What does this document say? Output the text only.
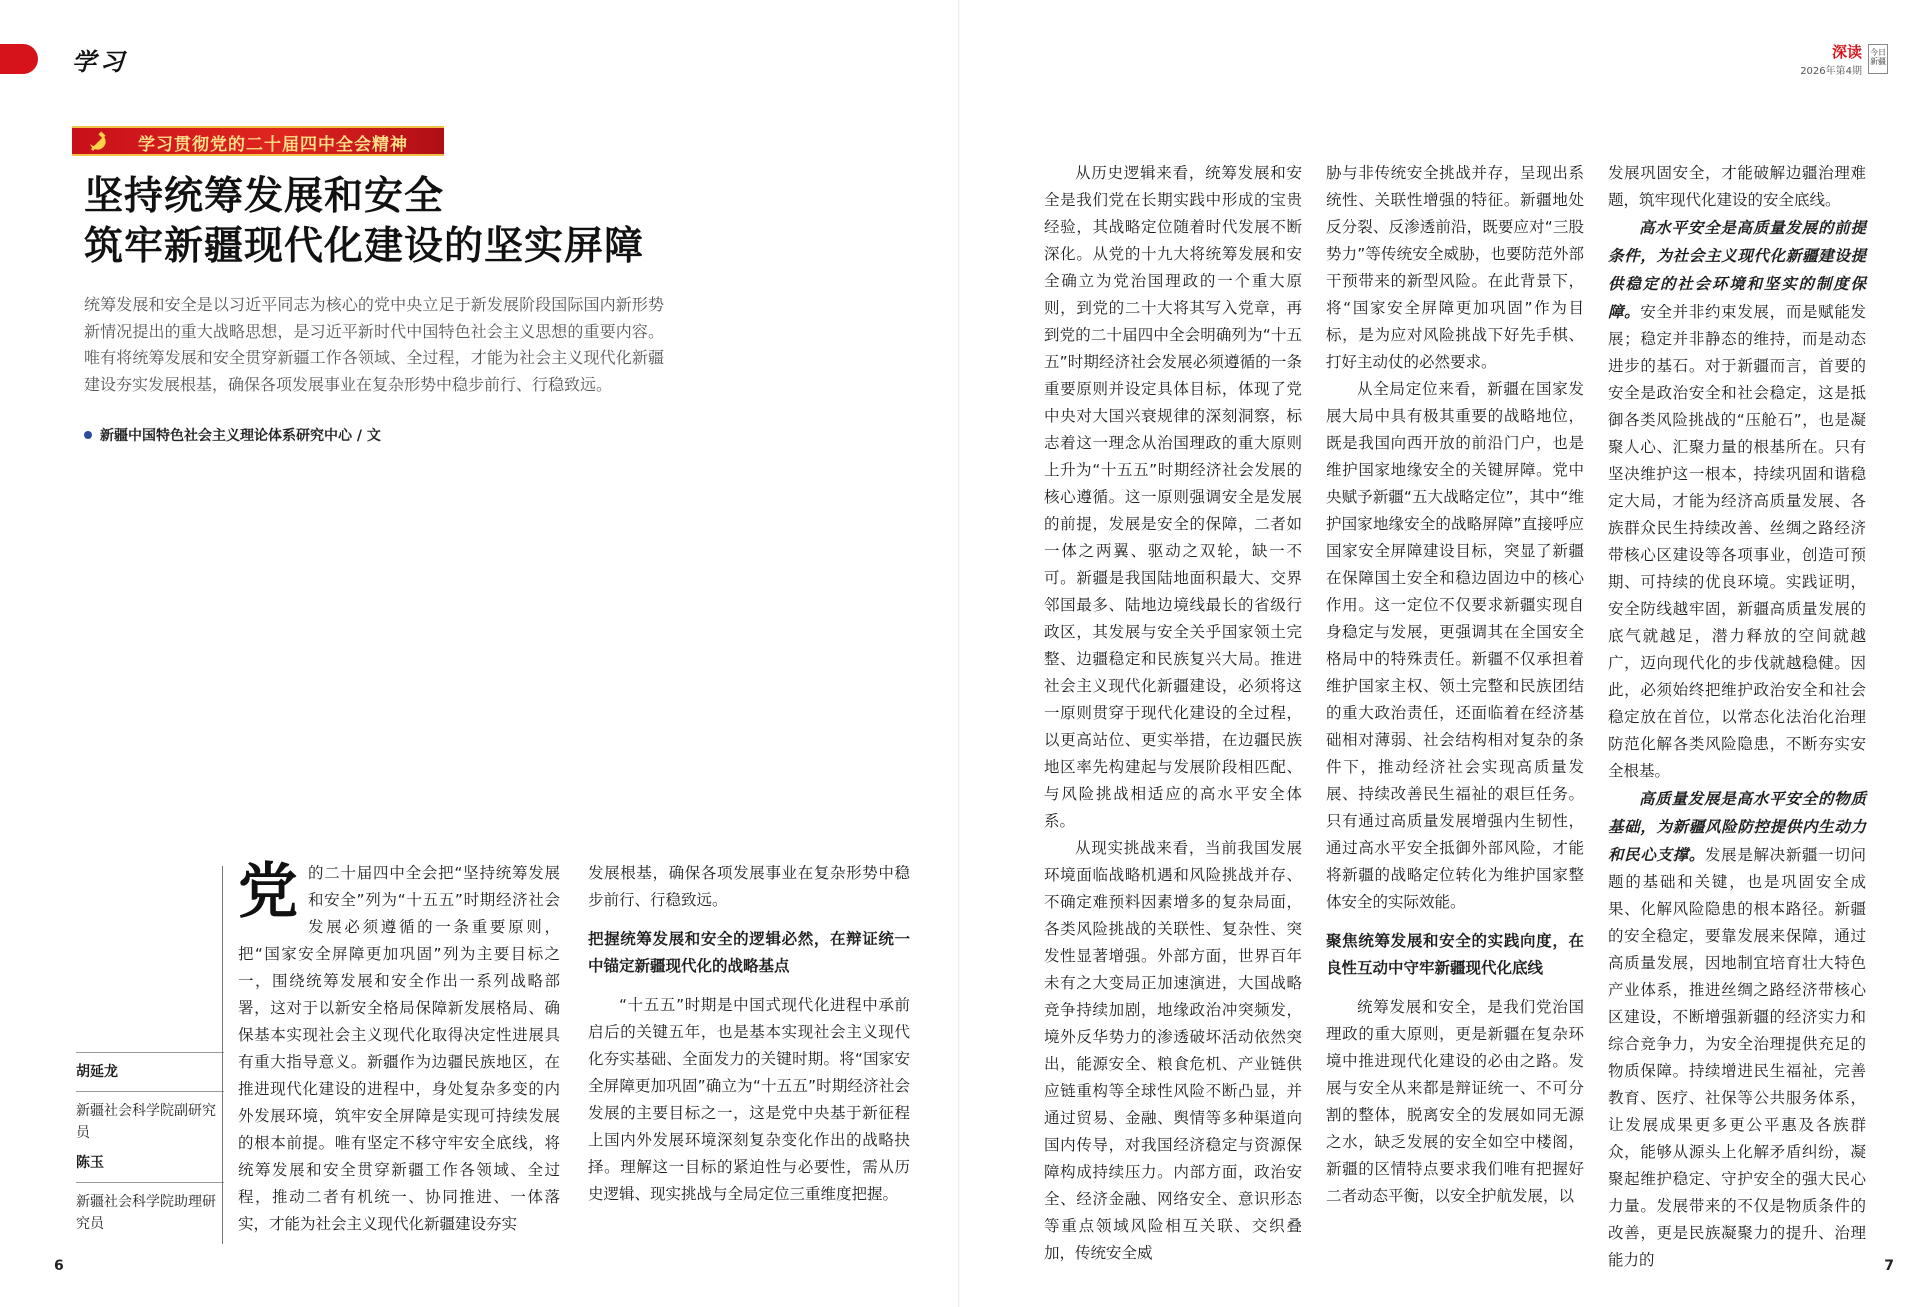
学习
学习贯彻党的二十届四中全会精神
坚持统筹发展和安全
筑牢新疆现代化建设的坚实屏障
统筹发展和安全是以习近平同志为核心的党中央立足于新发展阶段国际国内新形势新情况提出的重大战略思想，是习近平新时代中国特色社会主义思想的重要内容。唯有将统筹发展和安全贯穿新疆工作各领域、全过程，才能为社会主义现代化新疆建设夯实发展根基，确保各项发展事业在复杂形势中稳步前行、行稳致远。
新疆中国特色社会主义理论体系研究中心 / 文
胡延龙
新疆社会科学院副研究员
陈玉
新疆社会科学院助理研究员

党的二十届四中全会把“坚持统筹发展和安全”列为“十五五”时期经济社会发展必须遵循的一条重要原则，把“国家安全屏障更加巩固”列为主要目标之一，围绕统筹发展和安全作出一系列战略部署，这对于以新安全格局保障新发展格局、确保基本实现社会主义现代化取得决定性进展具有重大指导意义。新疆作为边疆民族地区，在推进现代化建设的进程中，身处复杂多变的内外发展环境，筑牢安全屏障是实现可持续发展的根本前提。唯有坚定不移守牢安全底线，将统筹发展和安全贯穿新疆工作各领域、全过程，推动二者有机统一、协同推进、一体落实，才能为社会主义现代化新疆建设夯实

发展根基，确保各项发展事业在复杂形势中稳步前行、行稳致远。

把握统筹发展和安全的逻辑必然，在辩证统一中锚定新疆现代化的战略基点

“十五五”时期是中国式现代化进程中承前启后的关键五年，也是基本实现社会主义现代化夯实基础、全面发力的关键时期。将“国家安全屏障更加巩固”确立为“十五五”时期经济社会发展的主要目标之一，这是党中央基于新征程上国内外发展环境深刻复杂变化作出的战略抉择。理解这一目标的紧迫性与必要性，需从历史逻辑、现实挑战与全局定位三重维度把握。

6
深读
2026年第4期
今日
新疆

从历史逻辑来看，统筹发展和安全是我们党在长期实践中形成的宝贵经验，其战略定位随着时代发展不断深化。从党的十九大将统筹发展和安全确立为党治国理政的一个重大原则，到党的二十大将其写入党章，再到党的二十届四中全会明确列为“十五五”时期经济社会发展必须遵循的一条重要原则并设定具体目标，体现了党中央对大国兴衰规律的深刻洞察，标志着这一理念从治国理政的重大原则上升为“十五五”时期经济社会发展的核心遵循。这一原则强调安全是发展的前提，发展是安全的保障，二者如一体之两翼、驱动之双轮，缺一不可。新疆是我国陆地面积最大、交界邻国最多、陆地边境线最长的省级行政区，其发展与安全关乎国家领土完整、边疆稳定和民族复兴大局。推进社会主义现代化新疆建设，必须将这一原则贯穿于现代化建设的全过程，以更高站位、更实举措，在边疆民族地区率先构建起与发展阶段相匹配、与风险挑战相适应的高水平安全体系。

从现实挑战来看，当前我国发展环境面临战略机遇和风险挑战并存、不确定难预料因素增多的复杂局面，各类风险挑战的关联性、复杂性、突发性显著增强。外部方面，世界百年未有之大变局正加速演进，大国战略竞争持续加剧，地缘政治冲突频发，境外反华势力的渗透破坏活动依然突出，能源安全、粮食危机、产业链供应链重构等全球性风险不断凸显，并通过贸易、金融、舆情等多种渠道向国内传导，对我国经济稳定与资源保障构成持续压力。内部方面，政治安全、经济金融、网络安全、意识形态等重点领域风险相互关联、交织叠加，传统安全威

胁与非传统安全挑战并存，呈现出系统性、关联性增强的特征。新疆地处反分裂、反渗透前沿，既要应对“三股势力”等传统安全威胁，也要防范外部干预带来的新型风险。在此背景下，将“国家安全屏障更加巩固”作为目标，是为应对风险挑战下好先手棋、打好主动仗的必然要求。

从全局定位来看，新疆在国家发展大局中具有极其重要的战略地位，既是我国向西开放的前沿门户，也是维护国家地缘安全的关键屏障。党中央赋予新疆“五大战略定位”，其中“维护国家地缘安全的战略屏障”直接呼应国家安全屏障建设目标，突显了新疆在保障国土安全和稳边固边中的核心作用。这一定位不仅要求新疆实现自身稳定与发展，更强调其在全国安全格局中的特殊责任。新疆不仅承担着维护国家主权、领土完整和民族团结的重大政治责任，还面临着在经济基础相对薄弱、社会结构相对复杂的条件下，推动经济社会实现高质量发展、持续改善民生福祉的艰巨任务。只有通过高质量发展增强内生韧性，通过高水平安全抵御外部风险，才能将新疆的战略定位转化为维护国家整体安全的实际效能。

聚焦统筹发展和安全的实践向度，在良性互动中守牢新疆现代化底线

统筹发展和安全，是我们党治国理政的重大原则，更是新疆在复杂环境中推进现代化建设的必由之路。发展与安全从来都是辩证统一、不可分割的整体，脱离安全的发展如同无源之水，缺乏发展的安全如空中楼阁，新疆的区情特点要求我们唯有把握好二者动态平衡，以安全护航发展，以

发展巩固安全，才能破解边疆治理难题，筑牢现代化建设的安全底线。

高水平安全是高质量发展的前提条件，为社会主义现代化新疆建设提供稳定的社会环境和坚实的制度保障。安全并非约束发展，而是赋能发展；稳定并非静态的维持，而是动态进步的基石。对于新疆而言，首要的安全是政治安全和社会稳定，这是抵御各类风险挑战的“压舱石”，也是凝聚人心、汇聚力量的根基所在。只有坚决维护这一根本，持续巩固和谐稳定大局，才能为经济高质量发展、各族群众民生持续改善、丝绸之路经济带核心区建设等各项事业，创造可预期、可持续的优良环境。实践证明，安全防线越牢固，新疆高质量发展的底气就越足，潜力释放的空间就越广，迈向现代化的步伐就越稳健。因此，必须始终把维护政治安全和社会稳定放在首位，以常态化法治化治理防范化解各类风险隐患，不断夯实安全根基。

高质量发展是高水平安全的物质基础，为新疆风险防控提供内生动力和民心支撑。发展是解决新疆一切问题的基础和关键，也是巩固安全成果、化解风险隐患的根本路径。新疆的安全稳定，要靠发展来保障，通过高质量发展，因地制宜培育壮大特色产业体系，推进丝绸之路经济带核心区建设，不断增强新疆的经济实力和综合竞争力，为安全治理提供充足的物质保障。持续增进民生福祉，完善教育、医疗、社保等公共服务体系，让发展成果更多更公平惠及各族群众，能够从源头上化解矛盾纠纷，凝聚起维护稳定、守护安全的强大民心力量。发展带来的不仅是物质条件的改善，更是民族凝聚力的提升、治理能力的	7
